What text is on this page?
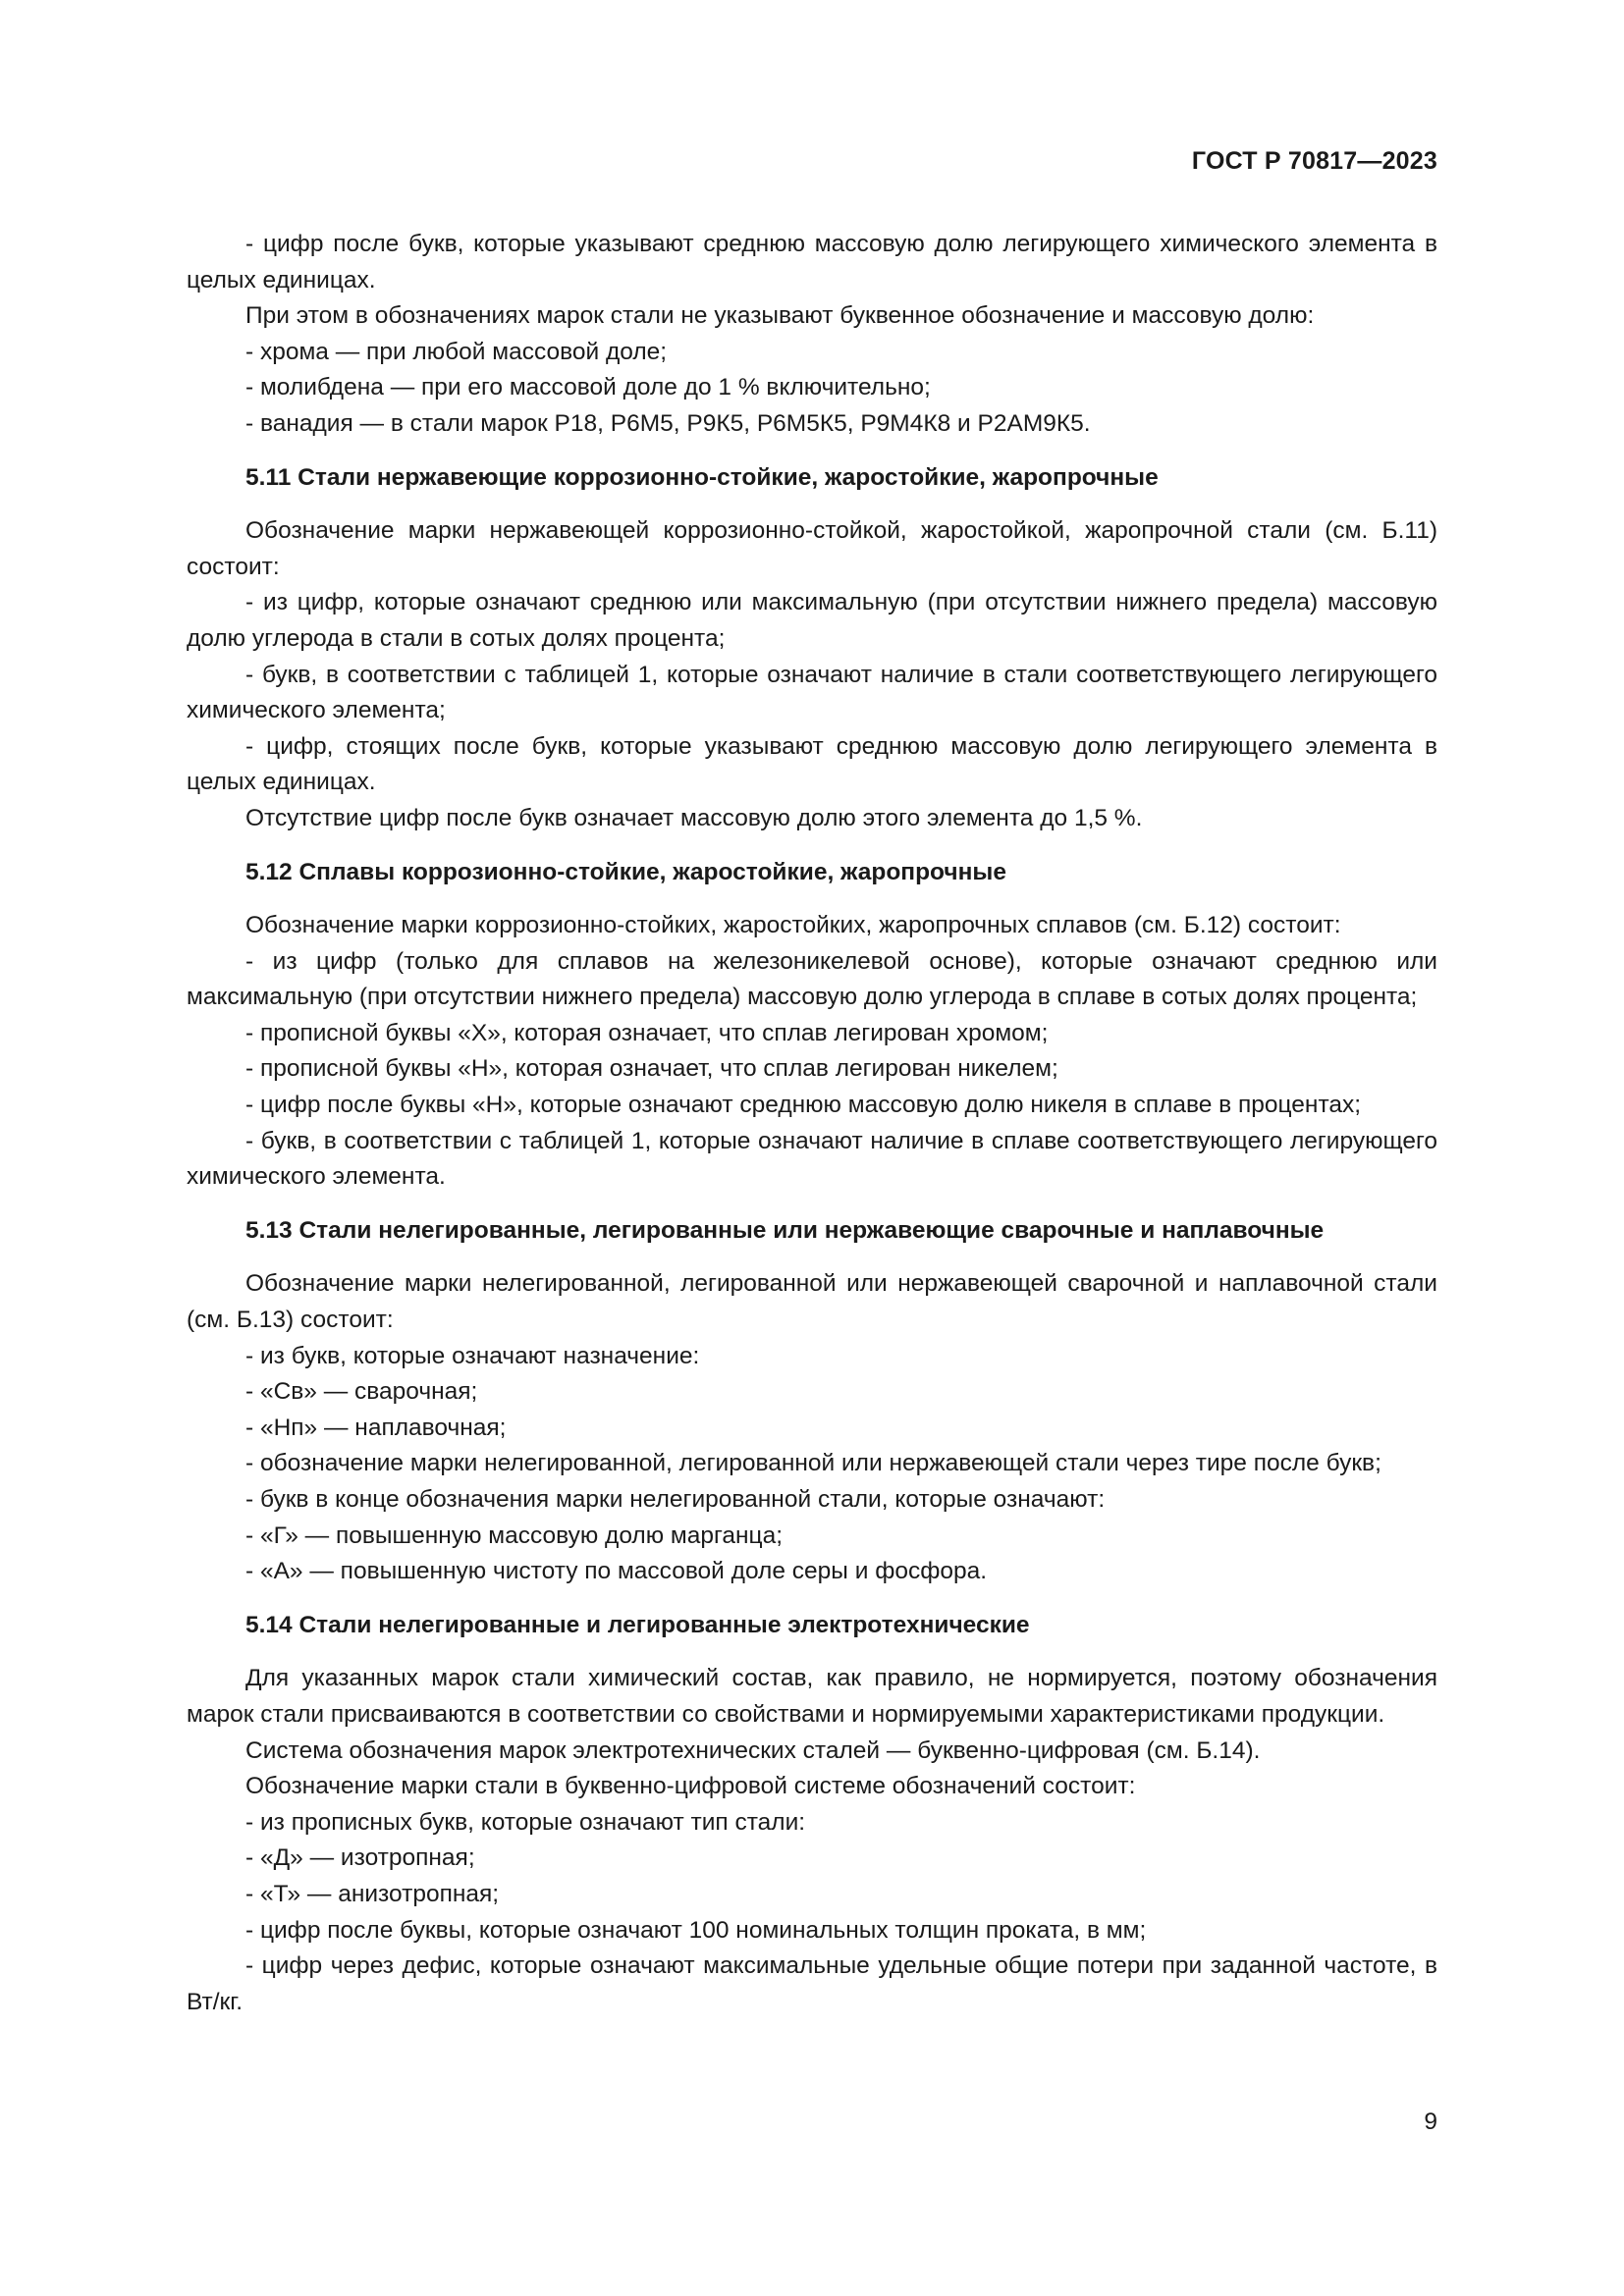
ГОСТ Р 70817—2023

- цифр после букв, которые указывают среднюю массовую долю легирующего химического элемента в целых единицах.

При этом в обозначениях марок стали не указывают буквенное обозначение и массовую долю:

- хрома — при любой массовой доле;

- молибдена — при его массовой доле до 1 % включительно;

- ванадия — в стали марок Р18, Р6М5, Р9К5, Р6М5К5, Р9М4К8 и Р2АМ9К5.

5.11 Стали нержавеющие коррозионно-стойкие, жаростойкие, жаропрочные

Обозначение марки нержавеющей коррозионно-стойкой, жаростойкой, жаропрочной стали (см. Б.11) состоит:

- из цифр, которые означают среднюю или максимальную (при отсутствии нижнего предела) массовую долю углерода в стали в сотых долях процента;

- букв, в соответствии с таблицей 1, которые означают наличие в стали соответствующего легирующего химического элемента;

- цифр, стоящих после букв, которые указывают среднюю массовую долю легирующего элемента в целых единицах.

Отсутствие цифр после букв означает массовую долю этого элемента до 1,5 %.

5.12 Сплавы коррозионно-стойкие, жаростойкие, жаропрочные

Обозначение марки коррозионно-стойких, жаростойких, жаропрочных сплавов (см. Б.12) состоит:

- из цифр (только для сплавов на железоникелевой основе), которые означают среднюю или максимальную (при отсутствии нижнего предела) массовую долю углерода в сплаве в сотых долях процента;

- прописной буквы «Х», которая означает, что сплав легирован хромом;

- прописной буквы «Н», которая означает, что сплав легирован никелем;

- цифр после буквы «Н», которые означают среднюю массовую долю никеля в сплаве в процентах;

- букв, в соответствии с таблицей 1, которые означают наличие в сплаве соответствующего легирующего химического элемента.

5.13 Стали нелегированные, легированные или нержавеющие сварочные и наплавочные

Обозначение марки нелегированной, легированной или нержавеющей сварочной и наплавочной стали (см. Б.13) состоит:

- из букв, которые означают назначение:

- «Св» — сварочная;

- «Нп» — наплавочная;

- обозначение марки нелегированной, легированной или нержавеющей стали через тире после букв;

- букв в конце обозначения марки нелегированной стали, которые означают:

- «Г» — повышенную массовую долю марганца;

- «А» — повышенную чистоту по массовой доле серы и фосфора.

5.14 Стали нелегированные и легированные электротехнические

Для указанных марок стали химический состав, как правило, не нормируется, поэтому обозначения марок стали присваиваются в соответствии со свойствами и нормируемыми характеристиками продукции.

Система обозначения марок электротехнических сталей — буквенно-цифровая (см. Б.14).

Обозначение марки стали в буквенно-цифровой системе обозначений состоит:

- из прописных букв, которые означают тип стали:

- «Д» — изотропная;

- «Т» — анизотропная;

- цифр после буквы, которые означают 100 номинальных толщин проката, в мм;

- цифр через дефис, которые означают максимальные удельные общие потери при заданной частоте, в Вт/кг.

9
